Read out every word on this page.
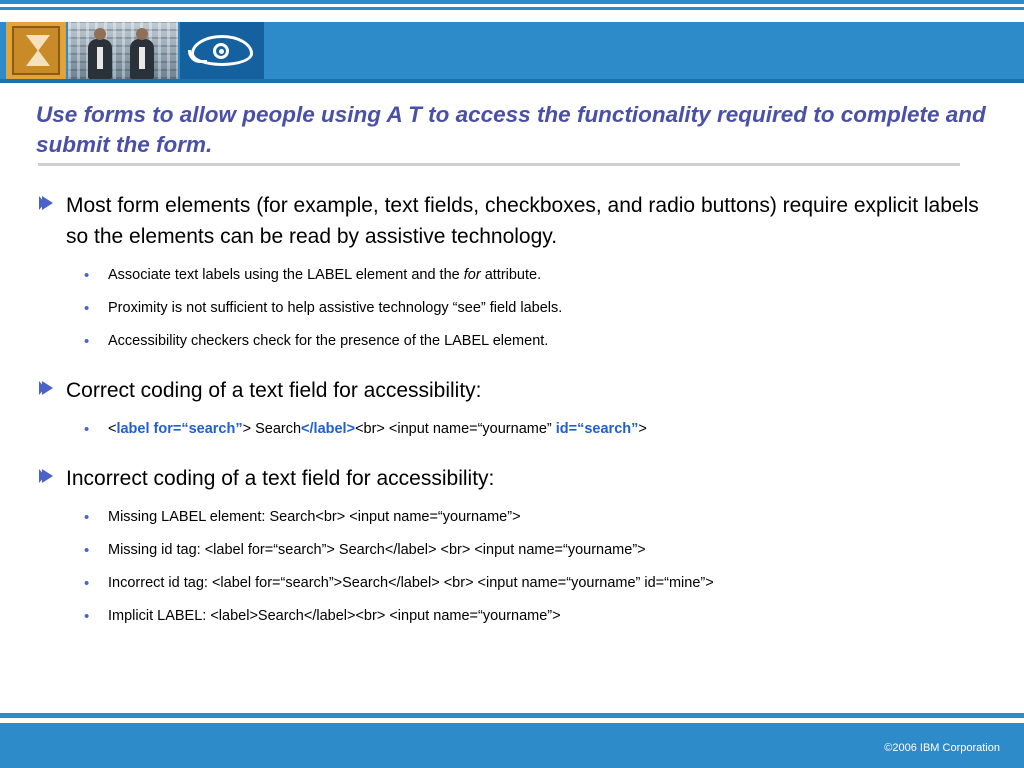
Use forms to allow people using A T to access the functionality required to complete and submit the form.
Most form elements (for example, text fields, checkboxes, and radio buttons) require explicit labels so the elements can be read by assistive technology.
• Associate text labels using the LABEL element and the for attribute.
• Proximity is not sufficient to help assistive technology “see” field labels.
• Accessibility checkers check for the presence of the LABEL element.
Correct coding of a text field for accessibility:
• <label for=“search”> Search</label><br> <input name=“yourname” id=“search”>
Incorrect coding of a text field for accessibility:
• Missing LABEL element: Search<br> <input name=“yourname”>
• Missing id tag: <label for=“search”> Search</label> <br> <input name=“yourname”>
• Incorrect id tag: <label for=“search”>Search</label> <br> <input name=“yourname” id=“mine”>
• Implicit LABEL: <label>Search</label><br> <input name=“yourname”>
©2006 IBM Corporation
